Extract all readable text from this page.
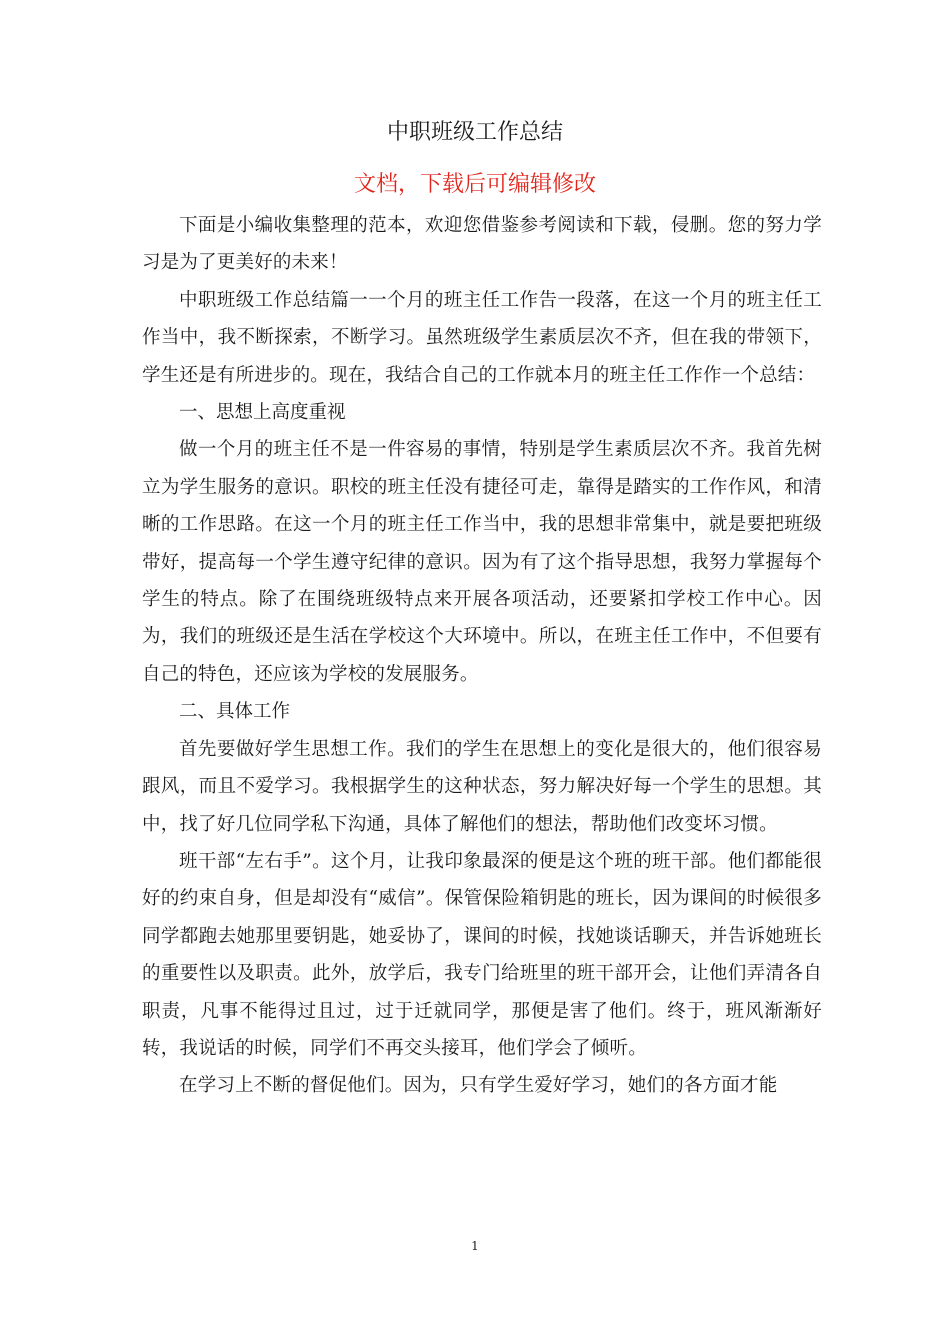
中职班级工作总结
文档，下载后可编辑修改

下面是小编收集整理的范本，欢迎您借鉴参考阅读和下载，侵删。您的努力学习是为了更美好的未来！

中职班级工作总结篇一一个月的班主任工作告一段落，在这一个月的班主任工作当中，我不断探索，不断学习。虽然班级学生素质层次不齐，但在我的带领下，学生还是有所进步的。现在，我结合自己的工作就本月的班主任工作作一个总结：

一、思想上高度重视

做一个月的班主任不是一件容易的事情，特别是学生素质层次不齐。我首先树立为学生服务的意识。职校的班主任没有捷径可走，靠得是踏实的工作作风，和清晰的工作思路。在这一个月的班主任工作当中，我的思想非常集中，就是要把班级带好，提高每一个学生遵守纪律的意识。因为有了这个指导思想，我努力掌握每个学生的特点。除了在围绕班级特点来开展各项活动，还要紧扣学校工作中心。因为，我们的班级还是生活在学校这个大环境中。所以，在班主任工作中，不但要有自己的特色，还应该为学校的发展服务。

二、具体工作

首先要做好学生思想工作。我们的学生在思想上的变化是很大的，他们很容易跟风，而且不爱学习。我根据学生的这种状态，努力解决好每一个学生的思想。其中，找了好几位同学私下沟通，具体了解他们的想法，帮助他们改变坏习惯。

班干部“左右手”。这个月，让我印象最深的便是这个班的班干部。他们都能很好的约束自身，但是却没有“威信”。保管保险箱钥匙的班长，因为课间的时候很多同学都跑去她那里要钥匙，她妥协了，课间的时候，找她谈话聊天，并告诉她班长的重要性以及职责。此外，放学后，我专门给班里的班干部开会，让他们弄清各自职责，凡事不能得过且过，过于迁就同学，那便是害了他们。终于，班风渐渐好转，我说话的时候，同学们不再交头接耳，他们学会了倾听。

在学习上不断的督促他们。因为，只有学生爱好学习，她们的各方面才能

1
